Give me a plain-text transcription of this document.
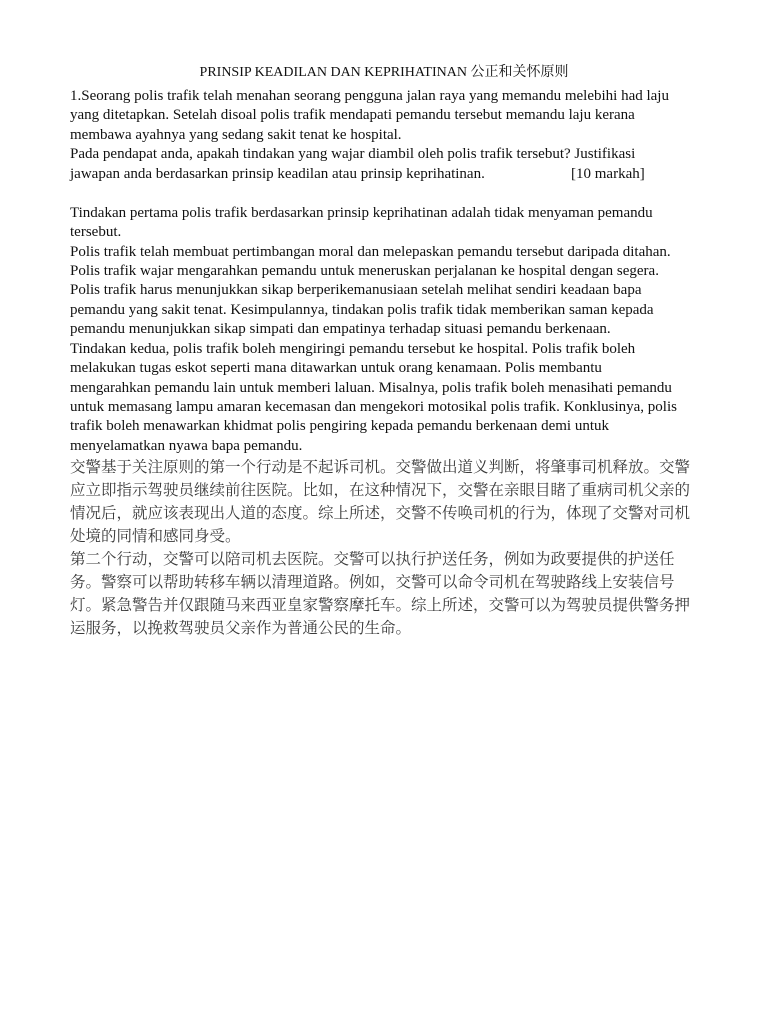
PRINSIP KEADILAN DAN KEPRIHATINAN 公正和关怀原则
1.Seorang polis trafik telah menahan seorang pengguna jalan raya yang memandu melebihi had laju
yang ditetapkan. Setelah disoal polis trafik mendapati pemandu tersebut memandu laju kerana
membawa ayahnya yang sedang sakit tenat ke hospital.
Pada pendapat anda, apakah tindakan yang wajar diambil oleh polis trafik tersebut? Justifikasi
jawapan anda berdasarkan prinsip keadilan atau prinsip keprihatinan.	[10 markah]
Tindakan pertama polis trafik berdasarkan prinsip keprihatinan adalah tidak menyaman pemandu
tersebut.
Polis trafik telah membuat pertimbangan moral dan melepaskan pemandu tersebut daripada ditahan.
Polis trafik wajar mengarahkan pemandu untuk meneruskan perjalanan ke hospital dengan segera.
Polis trafik harus menunjukkan sikap berperikemanusiaan setelah melihat sendiri keadaan bapa
pemandu yang sakit tenat. Kesimpulannya, tindakan polis trafik tidak memberikan saman kepada
pemandu menunjukkan sikap simpati dan empatinya terhadap situasi pemandu berkenaan.
Tindakan kedua, polis trafik boleh mengiringi pemandu tersebut ke hospital. Polis trafik boleh
melakukan tugas eskot seperti mana ditawarkan untuk orang kenamaan. Polis membantu
mengarahkan pemandu lain untuk memberi laluan. Misalnya, polis trafik boleh menasihati pemandu
untuk memasang lampu amaran kecemasan dan mengekori motosikal polis trafik. Konklusinya, polis
trafik boleh menawarkan khidmat polis pengiring kepada pemandu berkenaan demi untuk
menyelamatkan nyawa bapa pemandu.
交警基于关注原则的第一个行动是不起诉司机。交警做出道义判断，将肇事司机释放。交警
应立即指示驾驶员继续前往医院。比如，在这种情况下，交警在亲眼目睹了重病司机父亲的
情况后，就应该表现出人道的态度。综上所述，交警不传唤司机的行为，体现了交警对司机
处境的同情和感同身受。
第二个行动，交警可以陪司机去医院。交警可以执行护送任务，例如为政要提供的护送任
务。警察可以帮助转移车辆以清理道路。例如，交警可以命令司机在驾驶路线上安装信号
灯。紧急警告并仅跟随马来西亚皇家警察摩托车。综上所述，交警可以为驾驶员提供警务押
运服务，以挽救驾驶员父亲作为普通公民的生命。
